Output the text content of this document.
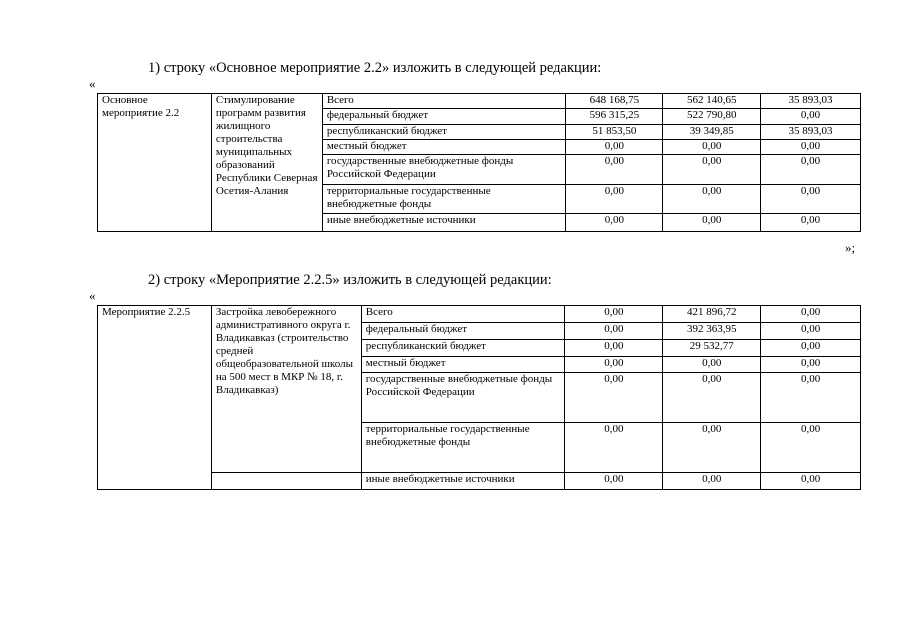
1) строку «Основное мероприятие 2.2» изложить в следующей редакции:
«
Основное мероприятие 2.2	Стимулирование программ развития жилищного строительства муниципальных образований Республики Северная Осетия-Алания	Всего	648 168,75	562 140,65	35 893,03
		федеральный бюджет	596 315,25	522 790,80	0,00
		республиканский бюджет	51 853,50	39 349,85	35 893,03
		местный бюджет	0,00	0,00	0,00
		государственные внебюджетные фонды Российской Федерации	0,00	0,00	0,00
		территориальные государственные внебюджетные фонды	0,00	0,00	0,00
		иные внебюджетные источники	0,00	0,00	0,00
»;
2) строку «Мероприятие 2.2.5» изложить в следующей редакции:
«
Мероприятие 2.2.5	Застройка левобережного административного округа г. Владикавказ (строительство средней общеобразовательной школы на 500 мест в МКР № 18, г. Владикавказ)	Всего	0,00	421 896,72	0,00
		федеральный бюджет	0,00	392 363,95	0,00
		республиканский бюджет	0,00	29 532,77	0,00
		местный бюджет	0,00	0,00	0,00
		государственные внебюджетные фонды Российской Федерации	0,00	0,00	0,00
		территориальные государственные внебюджетные фонды	0,00	0,00	0,00
		иные внебюджетные источники	0,00	0,00	0,00
